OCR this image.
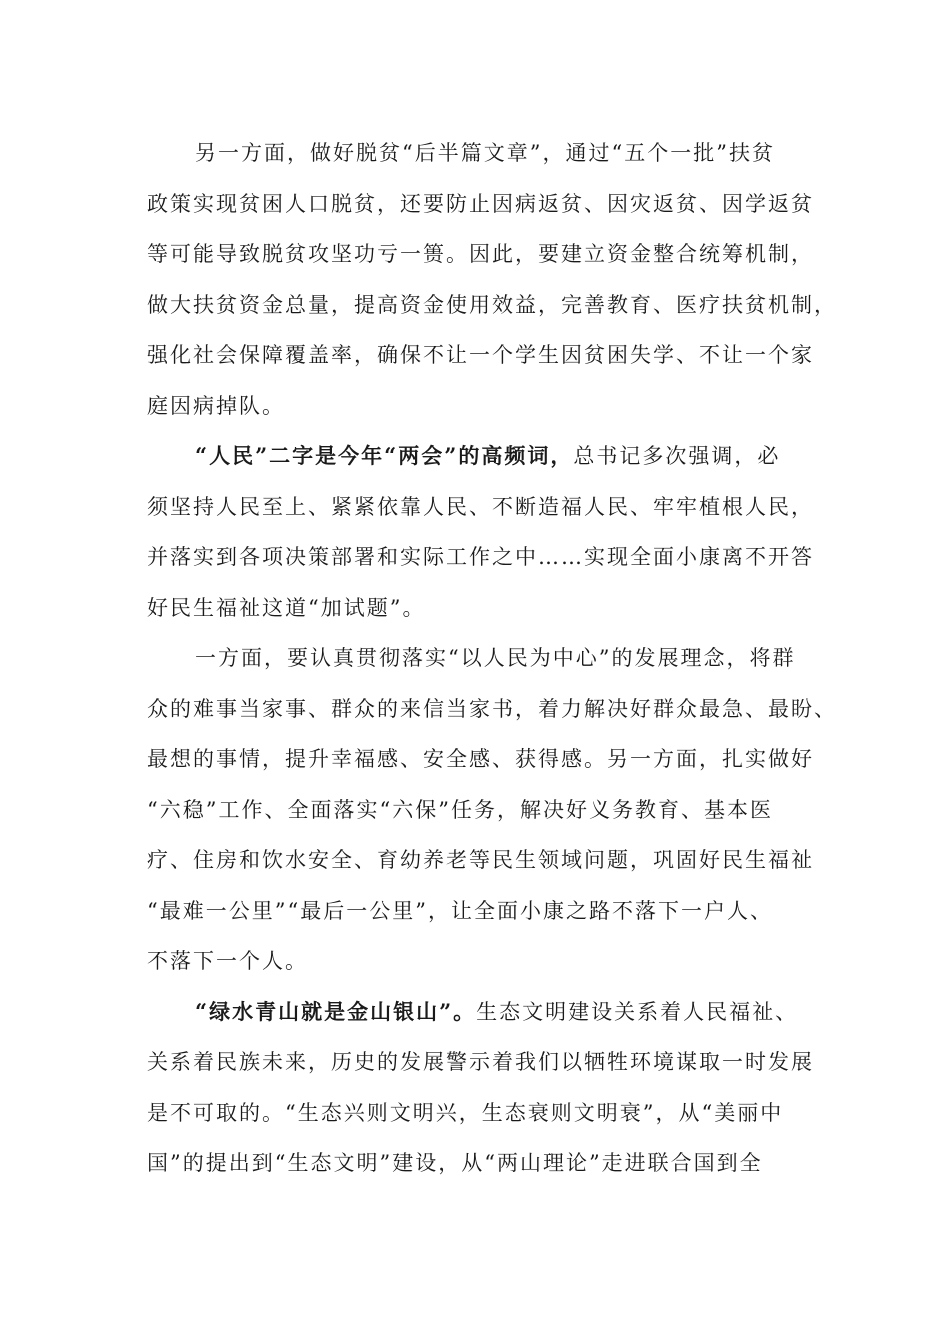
另一方面，做好脱贫“后半篇文章”，通过“五个一批”扶贫
政策实现贫困人口脱贫，还要防止因病返贫、因灾返贫、因学返贫
等可能导致脱贫攻坚功亏一篑。因此，要建立资金整合统筹机制，
做大扶贫资金总量，提高资金使用效益，完善教育、医疗扶贫机制，
强化社会保障覆盖率，确保不让一个学生因贫困失学、不让一个家
庭因病掉队。
“人民”二字是今年“两会”的高频词，总书记多次强调，必
须坚持人民至上、紧紧依靠人民、不断造福人民、牢牢植根人民，
并落实到各项决策部署和实际工作之中……实现全面小康离不开答
好民生福祉这道“加试题”。
一方面，要认真贯彻落实“以人民为中心”的发展理念，将群
众的难事当家事、群众的来信当家书，着力解决好群众最急、最盼、
最想的事情，提升幸福感、安全感、获得感。另一方面，扎实做好
“六稳”工作、全面落实“六保”任务，解决好义务教育、基本医
疗、住房和饮水安全、育幼养老等民生领域问题，巩固好民生福祉
“最难一公里”“最后一公里”，让全面小康之路不落下一户人、
不落下一个人。
“绿水青山就是金山银山”。生态文明建设关系着人民福祉、
关系着民族未来，历史的发展警示着我们以牺牲环境谋取一时发展
是不可取的。“生态兴则文明兴，生态衰则文明衰”，从“美丽中
国”的提出到“生态文明”建设，从“两山理论”走进联合国到全
